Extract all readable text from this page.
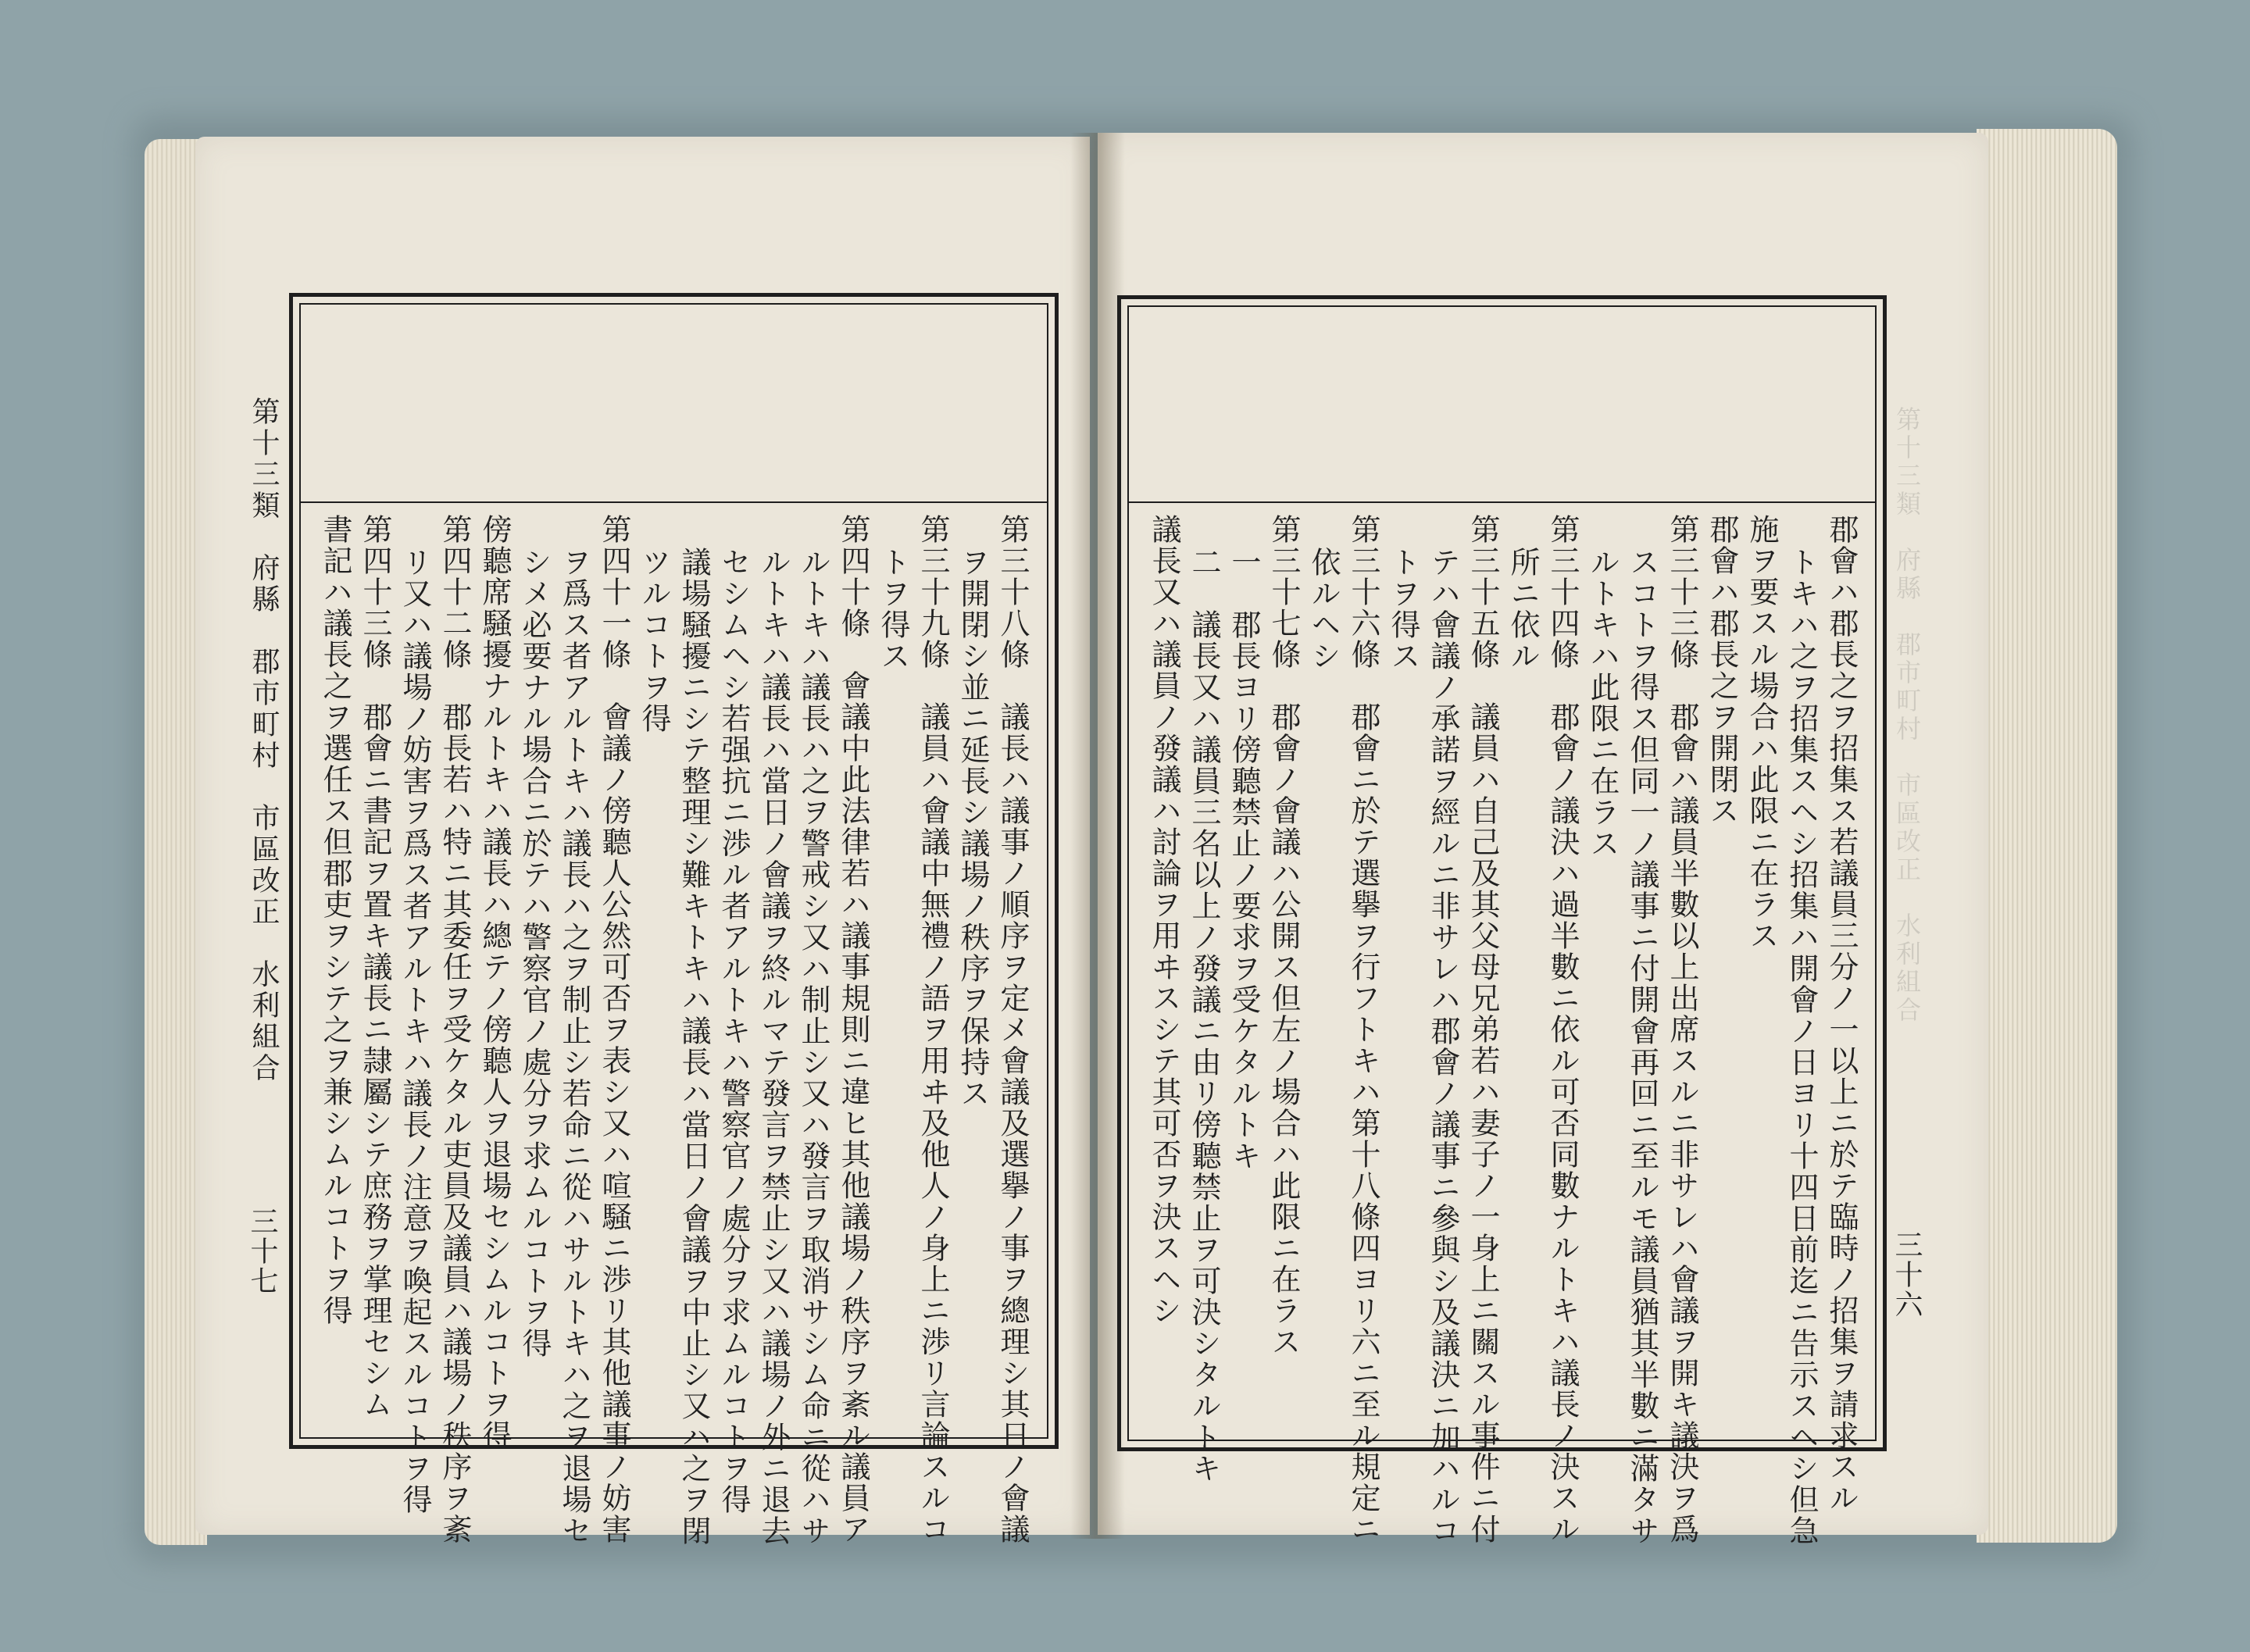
第十三類　府縣　郡市町村　市區改正　水利組合
三十七
第十三類　府縣　郡市町村　市區改正　水利組合
三十六
第三十八條　議長ハ議事ノ順序ヲ定メ會議及選擧ノ事ヲ總理シ其日ノ會議
ヲ開閉シ並ニ延長シ議場ノ秩序ヲ保持ス
第三十九條　議員ハ會議中無禮ノ語ヲ用ヰ及他人ノ身上ニ渉リ言論スルコ
トヲ得ス
第四十條　會議中此法律若ハ議事規則ニ違ヒ其他議場ノ秩序ヲ紊ル議員ア
ルトキハ議長ハ之ヲ警戒シ又ハ制止シ又ハ發言ヲ取消サシム命ニ從ハサ
ルトキハ議長ハ當日ノ會議ヲ終ルマテ發言ヲ禁止シ又ハ議場ノ外ニ退去
セシムヘシ若强抗ニ渉ル者アルトキハ警察官ノ處分ヲ求ムルコトヲ得
議場騒擾ニシテ整理シ難キトキハ議長ハ當日ノ會議ヲ中止シ又ハ之ヲ閉
ツルコトヲ得
第四十一條　會議ノ傍聽人公然可否ヲ表シ又ハ喧騒ニ渉リ其他議事ノ妨害
ヲ爲ス者アルトキハ議長ハ之ヲ制止シ若命ニ從ハサルトキハ之ヲ退場セ
シメ必要ナル場合ニ於テハ警察官ノ處分ヲ求ムルコトヲ得
傍聽席騒擾ナルトキハ議長ハ總テノ傍聽人ヲ退場セシムルコトヲ得
第四十二條　郡長若ハ特ニ其委任ヲ受ケタル吏員及議員ハ議場ノ秩序ヲ紊
リ又ハ議場ノ妨害ヲ爲ス者アルトキハ議長ノ注意ヲ喚起スルコトヲ得
第四十三條　郡會ニ書記ヲ置キ議長ニ隷屬シテ庶務ヲ掌理セシム
書記ハ議長之ヲ選任ス但郡吏ヲシテ之ヲ兼シムルコトヲ得	郡會ハ郡長之ヲ招集ス若議員三分ノ一以上ニ於テ臨時ノ招集ヲ請求スル
トキハ之ヲ招集スヘシ招集ハ開會ノ日ヨリ十四日前迄ニ告示スヘシ但急
施ヲ要スル場合ハ此限ニ在ラス
郡會ハ郡長之ヲ開閉ス
第三十三條　郡會ハ議員半數以上出席スルニ非サレハ會議ヲ開キ議決ヲ爲
スコトヲ得ス但同一ノ議事ニ付開會再回ニ至ルモ議員猶其半數ニ滿タサ
ルトキハ此限ニ在ラス
第三十四條　郡會ノ議決ハ過半數ニ依ル可否同數ナルトキハ議長ノ決スル
所ニ依ル
第三十五條　議員ハ自己及其父母兄弟若ハ妻子ノ一身上ニ關スル事件ニ付
テハ會議ノ承諾ヲ經ルニ非サレハ郡會ノ議事ニ參與シ及議決ニ加ハルコ
トヲ得ス
第三十六條　郡會ニ於テ選擧ヲ行フトキハ第十八條四ヨリ六ニ至ル規定ニ
依ルヘシ
第三十七條　郡會ノ會議ハ公開ス但左ノ場合ハ此限ニ在ラス
一　郡長ヨリ傍聽禁止ノ要求ヲ受ケタルトキ
二　議長又ハ議員三名以上ノ發議ニ由リ傍聽禁止ヲ可決シタルトキ
議長又ハ議員ノ發議ハ討論ヲ用ヰスシテ其可否ヲ決スヘシ
